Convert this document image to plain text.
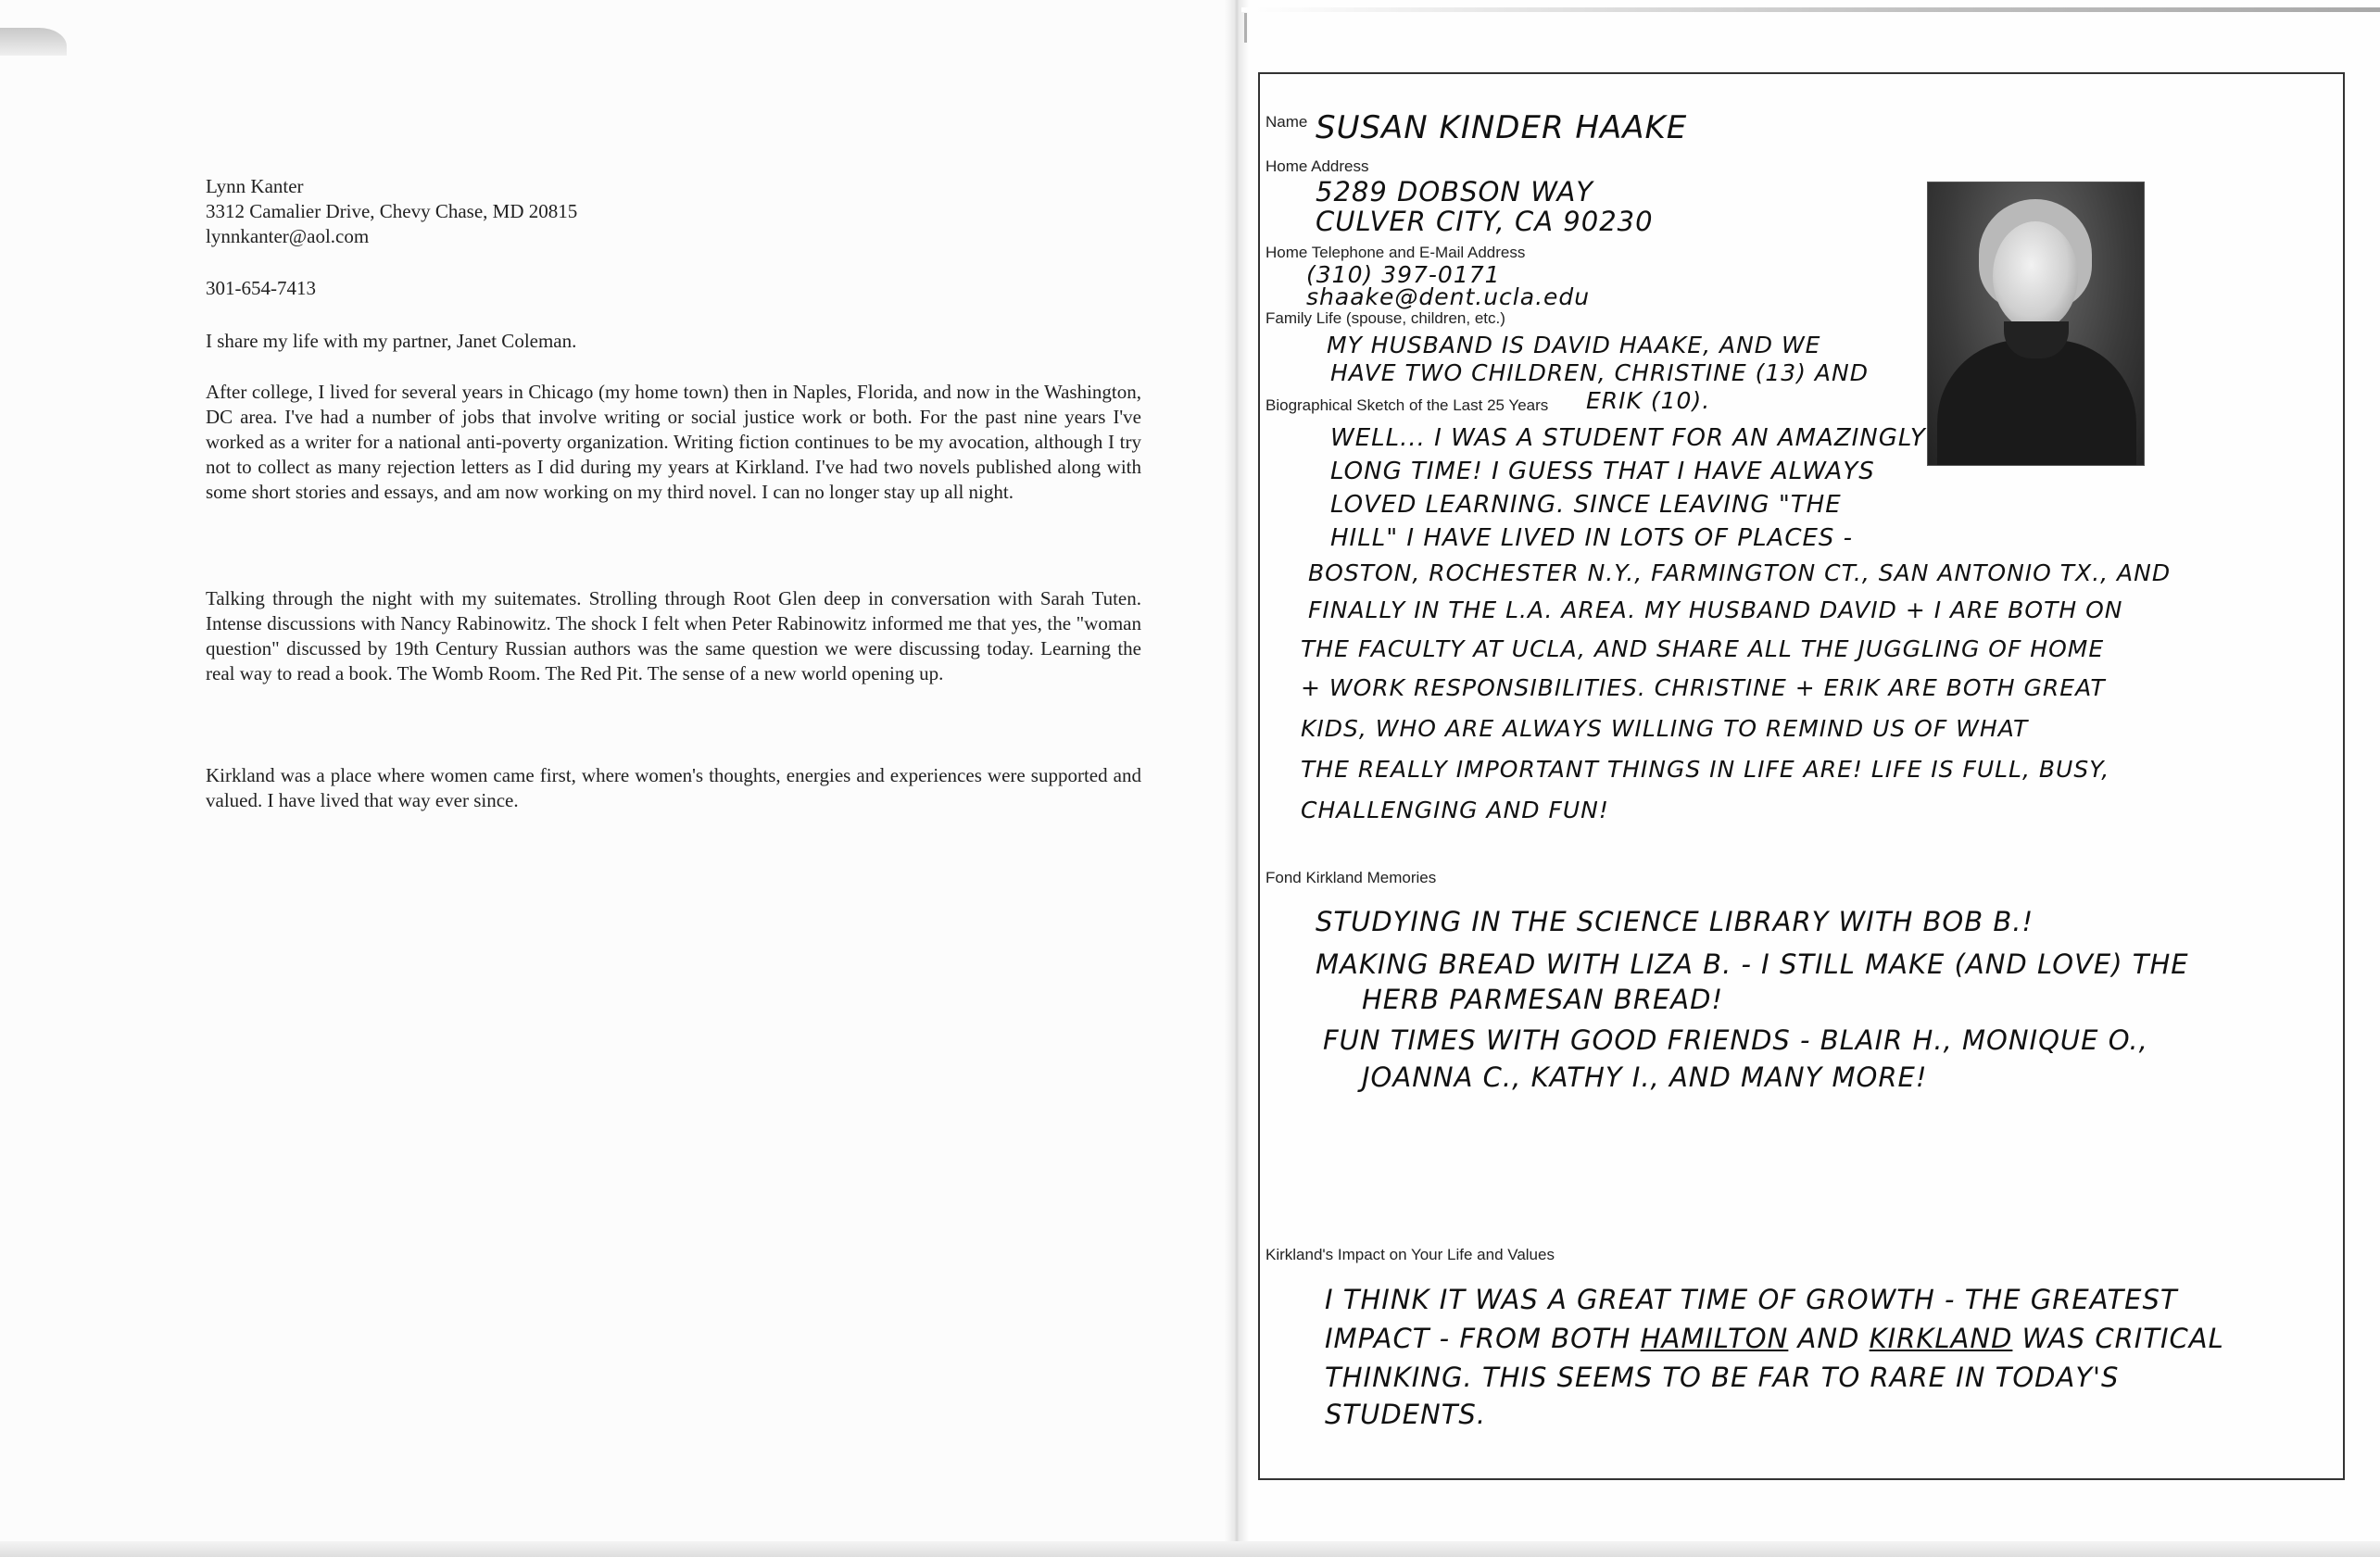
Lynn Kanter

3312 Camalier Drive, Chevy Chase, MD 20815

lynnkanter@aol.com

301-654-7413
I share my life with my partner, Janet Coleman.
After college, I lived for several years in Chicago (my home town) then in Naples, Florida, and now in the Washington, DC area. I've had a number of jobs that involve writing or social justice work or both. For the past nine years I've worked as a writer for a national anti-poverty organization. Writing fiction continues to be my avocation, although I try not to collect as many rejection letters as I did during my years at Kirkland. I've had two novels published along with some short stories and essays, and am now working on my third novel. I can no longer stay up all night.
Talking through the night with my suitemates. Strolling through Root Glen deep in conversation with Sarah Tuten. Intense discussions with Nancy Rabinowitz. The shock I felt when Peter Rabinowitz informed me that yes, the "woman question" discussed by 19th Century Russian authors was the same question we were discussing today. Learning the real way to read a book. The Womb Room. The Red Pit. The sense of a new world opening up.
Kirkland was a place where women came first, where women's thoughts, energies and experiences were supported and valued. I have lived that way ever since.
Name SUSAN KINDER HAAKE
Home Address
5289 DOBSON WAY
CULVER CITY, CA 90230
Home Telephone and E-Mail Address
(310) 397-0171
shaake@dent.ucla.edu
Family Life (spouse, children, etc.)
MY HUSBAND IS DAVID HAAKE, AND WE
HAVE TWO CHILDREN, CHRISTINE (13) AND
Biographical Sketch of the Last 25 Years ERIK (10).
WELL... I WAS A STUDENT FOR AN AMAZINGLY
LONG TIME! I GUESS THAT I HAVE ALWAYS
LOVED LEARNING. SINCE LEAVING "THE
HILL" I HAVE LIVED IN LOTS OF PLACES -
BOSTON, ROCHESTER N.Y., FARMINGTON CT., SAN ANTONIO TX., AND
FINALLY IN THE L.A. AREA. MY HUSBAND DAVID + I ARE BOTH ON
THE FACULTY AT UCLA, AND SHARE ALL THE JUGGLING OF HOME
+ WORK RESPONSIBILITIES. CHRISTINE + ERIK ARE BOTH GREAT
KIDS, WHO ARE ALWAYS WILLING TO REMIND US OF WHAT
THE REALLY IMPORTANT THINGS IN LIFE ARE! LIFE IS FULL, BUSY,
CHALLENGING AND FUN!
Fond Kirkland Memories
STUDYING IN THE SCIENCE LIBRARY WITH BOB B.!
MAKING BREAD WITH LIZA B. - I STILL MAKE (AND LOVE) THE
HERB PARMESAN BREAD!
FUN TIMES WITH GOOD FRIENDS - BLAIR H., MONIQUE O.,
JOANNA C., KATHY I., AND MANY MORE!
Kirkland's Impact on Your Life and Values
I THINK IT WAS A GREAT TIME OF GROWTH - THE GREATEST
IMPACT - FROM BOTH HAMILTON AND KIRKLAND WAS CRITICAL
THINKING. THIS SEEMS TO BE FAR TO RARE IN TODAY'S
STUDENTS.
